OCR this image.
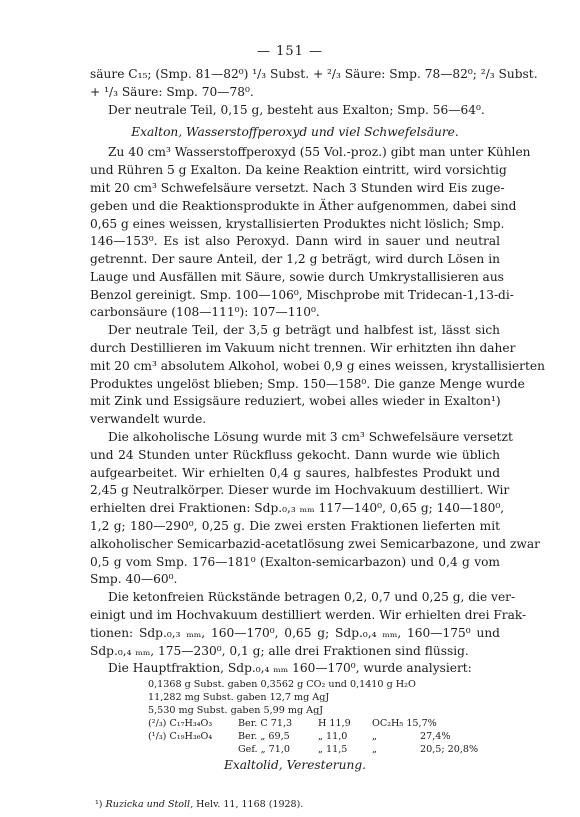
— 151 —
säure C₁₅; (Smp. 81—82⁰) ¹/₃ Subst. + ²/₃ Säure: Smp. 78—82⁰; ²/₃ Subst.
+ ¹/₃ Säure: Smp. 70—78⁰.
Der neutrale Teil, 0,15 g, besteht aus Exalton; Smp. 56—64⁰.
Exalton, Wasserstoffperoxyd und viel Schwefelsäure.
Zu 40 cm³ Wasserstoffperoxyd (55 Vol.-proz.) gibt man unter Kühlen
und Rühren 5 g Exalton. Da keine Reaktion eintritt, wird vorsichtig
mit 20 cm³ Schwefelsäure versetzt. Nach 3 Stunden wird Eis zuge-
geben und die Reaktionsprodukte in Äther aufgenommen, dabei sind
0,65 g eines weissen, krystallisierten Produktes nicht löslich; Smp.
146—153⁰. Es ist also Peroxyd. Dann wird in sauer und neutral
getrennt. Der saure Anteil, der 1,2 g beträgt, wird durch Lösen in
Lauge und Ausfällen mit Säure, sowie durch Umkrystallisieren aus
Benzol gereinigt. Smp. 100—106⁰, Mischprobe mit Tridecan-1,13-di-
carbonsäure (108—111⁰): 107—110⁰.
Der neutrale Teil, der 3,5 g beträgt und halbfest ist, lässt sich
durch Destillieren im Vakuum nicht trennen. Wir erhitzten ihn daher
mit 20 cm³ absolutem Alkohol, wobei 0,9 g eines weissen, krystallisierten
Produktes ungelöst blieben; Smp. 150—158⁰. Die ganze Menge wurde
mit Zink und Essigsäure reduziert, wobei alles wieder in Exalton¹)
verwandelt wurde.
Die alkoholische Lösung wurde mit 3 cm³ Schwefelsäure versetzt
und 24 Stunden unter Rückfluss gekocht. Dann wurde wie üblich
aufgearbeitet. Wir erhielten 0,4 g saures, halbfestes Produkt und
2,45 g Neutralkörper. Dieser wurde im Hochvakuum destilliert. Wir
erhielten drei Fraktionen: Sdp.₀,₃ ₘₘ 117—140⁰, 0,65 g; 140—180⁰,
1,2 g; 180—290⁰, 0,25 g. Die zwei ersten Fraktionen lieferten mit
alkoholischer Semicarbazid-acetatlösung zwei Semicarbazone, und zwar
0,5 g vom Smp. 176—181⁰ (Exalton-semicarbazon) und 0,4 g vom
Smp. 40—60⁰.
Die ketonfreien Rückstände betragen 0,2, 0,7 und 0,25 g, die ver-
einigt und im Hochvakuum destilliert werden. Wir erhielten drei Frak-
tionen: Sdp.₀,₃ ₘₘ, 160—170⁰, 0,65 g; Sdp.₀,₄ ₘₘ, 160—175⁰ und
Sdp.₀,₄ ₘₘ, 175—230⁰, 0,1 g; alle drei Fraktionen sind flüssig.
Die Hauptfraktion, Sdp.₀,₄ ₘₘ 160—170⁰, wurde analysiert:
0,1368 g Subst. gaben 0,3562 g CO₂ und 0,1410 g H₂O
11,282 mg Subst. gaben 12,7 mg AgJ
5,530 mg Subst. gaben 5,99 mg AgJ
(²/₃) C₁₇H₃₄O₃	Ber. C 71,3	H 11,9 OC₂H₅ 15,7%
(¹/₃) C₁₉H₃₆O₄	Ber. „ 69,5	„ 11,0	„	27,4%
Gef. „ 71,0	„ 11,5	„	20,5; 20,8%
Exaltolid, Veresterung.
¹) Ruzicka und Stoll, Helv. 11, 1168 (1928).
